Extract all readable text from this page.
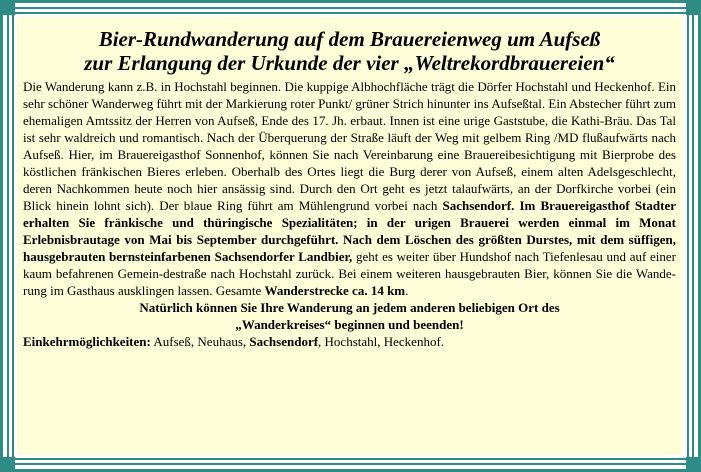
Bier-Rundwanderung auf dem Brauereienweg um Aufseß
zur Erlangung der Urkunde der vier „Weltrekordbrauereien“

Die Wanderung kann z.B. in Hochstahl beginnen. Die kuppige Albhochfläche trägt die Dörfer Hochstahl und Heckenhof. Ein sehr schöner Wanderweg führt mit der Markierung roter Punkt/ grüner Strich hinunter ins Aufseßtal. Ein Abstecher führt zum ehemaligen Amtssitz der Herren von Aufseß, Ende des 17. Jh. erbaut. Innen ist eine urige Gaststube, die Kathi-Bräu. Das Tal ist sehr waldreich und romantisch. Nach der Überquerung der Straße läuft der Weg mit gelbem Ring /MD flußaufwärts nach Aufseß. Hier, im Brauereigasthof Sonnenhof, können Sie nach Vereinbarung eine Brauereibesichtigung mit Bierprobe des köstlichen fränkischen Bieres erleben. Oberhalb des Ortes liegt die Burg derer von Aufseß, einem alten Adelsgeschlecht, deren Nachkommen heute noch hier ansässig sind. Durch den Ort geht es jetzt talaufwärts, an der Dorfkirche vorbei (ein Blick hinein lohnt sich). Der blaue Ring führt am Mühlengrund vorbei nach Sachsendorf. Im Brauereigasthof Stadter erhalten Sie fränkische und thüringische Spezialitäten; in der urigen Brauerei werden einmal im Monat Erlebnisbrautage von Mai bis September durchgeführt. Nach dem Löschen des größten Durstes, mit dem süffigen, hausgebrauten bernsteinfarbenen Sachsendorfer Landbier, geht es weiter über Hundshof nach Tiefenlesau und auf einer kaum befahrenen Gemein-destraße nach Hochstahl zurück. Bei einem weiteren hausgebrauten Bier, können Sie die Wande-rung im Gasthaus ausklingen lassen. Gesamte Wanderstrecke ca. 14 km.

Natürlich können Sie Ihre Wanderung an jedem anderen beliebigen Ort des
„Wanderkreises“ beginnen und beenden!

Einkehrmöglichkeiten: Aufseß, Neuhaus, Sachsendorf, Hochstahl, Heckenhof.
